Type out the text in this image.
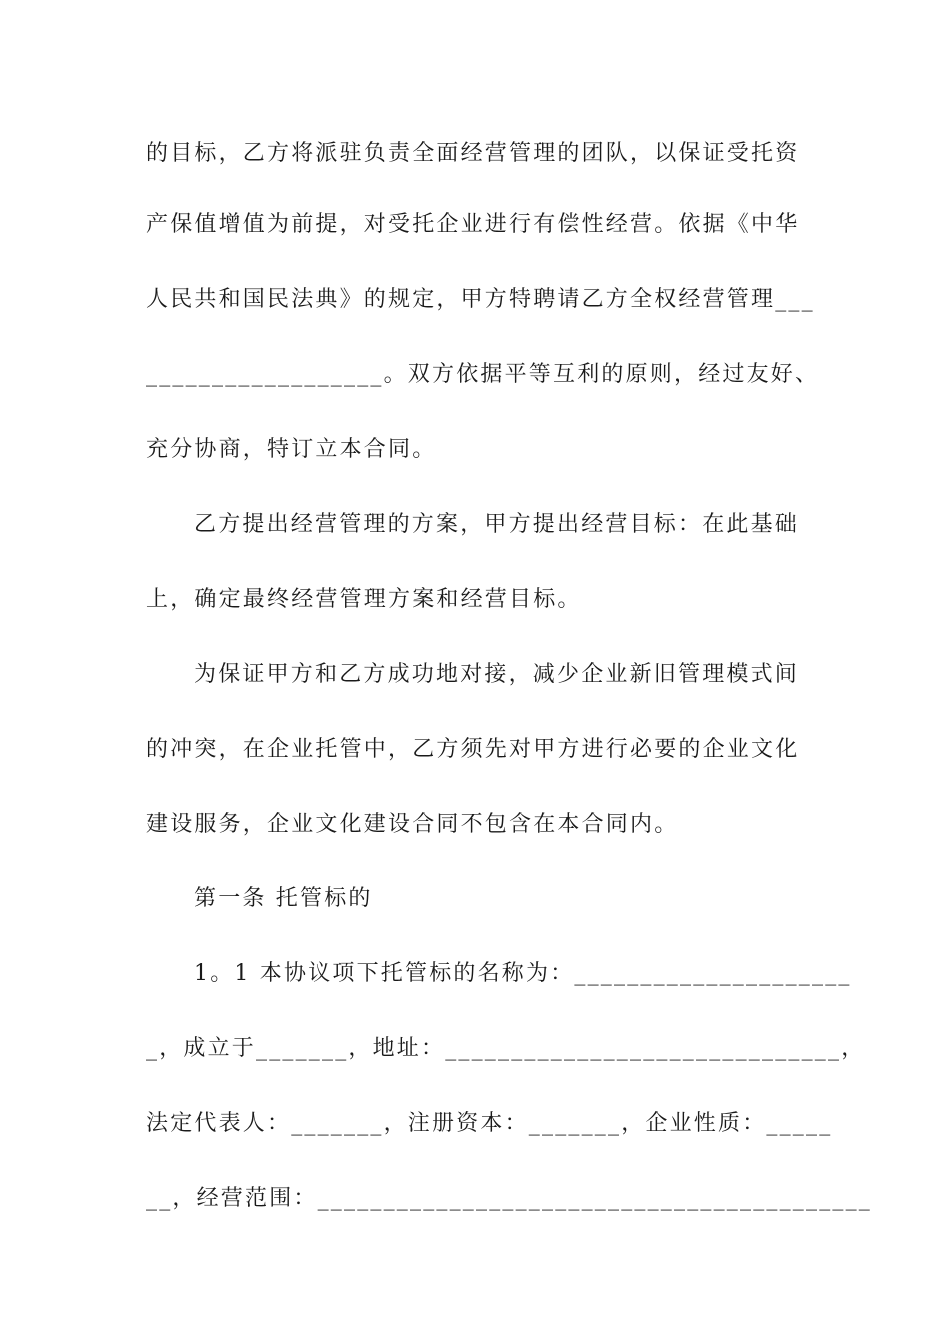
的目标，乙方将派驻负责全面经营管理的团队，以保证受托资
产保值增值为前提，对受托企业进行有偿性经营。依据《中华
人民共和国民法典》的规定，甲方特聘请乙方全权经营管理___
__________________。双方依据平等互利的原则，经过友好、
充分协商，特订立本合同。
乙方提出经营管理的方案，甲方提出经营目标：在此基础
上，确定最终经营管理方案和经营目标。
为保证甲方和乙方成功地对接，减少企业新旧管理模式间
的冲突，在企业托管中，乙方须先对甲方进行必要的企业文化
建设服务，企业文化建设合同不包含在本合同内。
第一条 托管标的
1。1 本协议项下托管标的名称为：_____________________
_，成立于_______，地址：______________________________，
法定代表人：_______，注册资本：_______，企业性质：_____
__，经营范围：__________________________________________
